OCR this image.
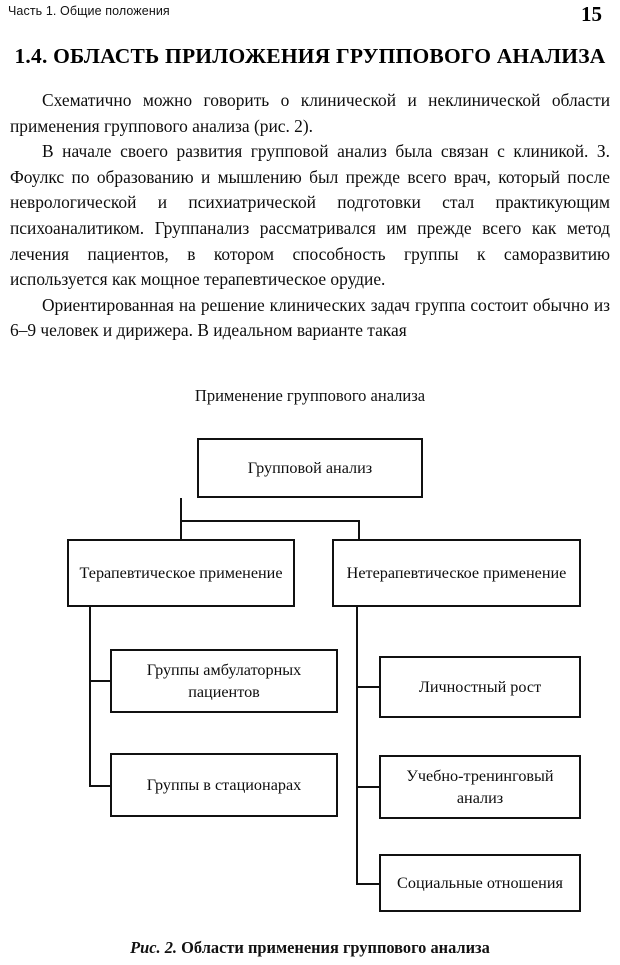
Часть 1. Общие положения	15
1.4. ОБЛАСТЬ ПРИЛОЖЕНИЯ ГРУППОВОГО АНАЛИЗА

Схематично можно говорить о клинической и неклинической области применения группового анализа (рис. 2).

В начале своего развития групповой анализ была связан с клиникой. З. Фоулкс по образованию и мышлению был прежде всего врач, который после неврологической и психиатрической подготовки стал практикующим психоаналитиком. Группанализ рассматривался им прежде всего как метод лечения пациентов, в котором способность группы к саморазвитию используется как мощное терапевтическое орудие.

Ориентированная на решение клинических задач группа состоит обычно из 6–9 человек и дирижера. В идеальном варианте такая

Применение группового анализа
Групповой анализ
Терапевтическое применение	Нетерапевтическое применение
Группы амбулаторных пациентов
Группы в стационарах
Личностный рост
Учебно-тренинговый анализ
Социальные отношения
Рис. 2. Области применения группового анализа
